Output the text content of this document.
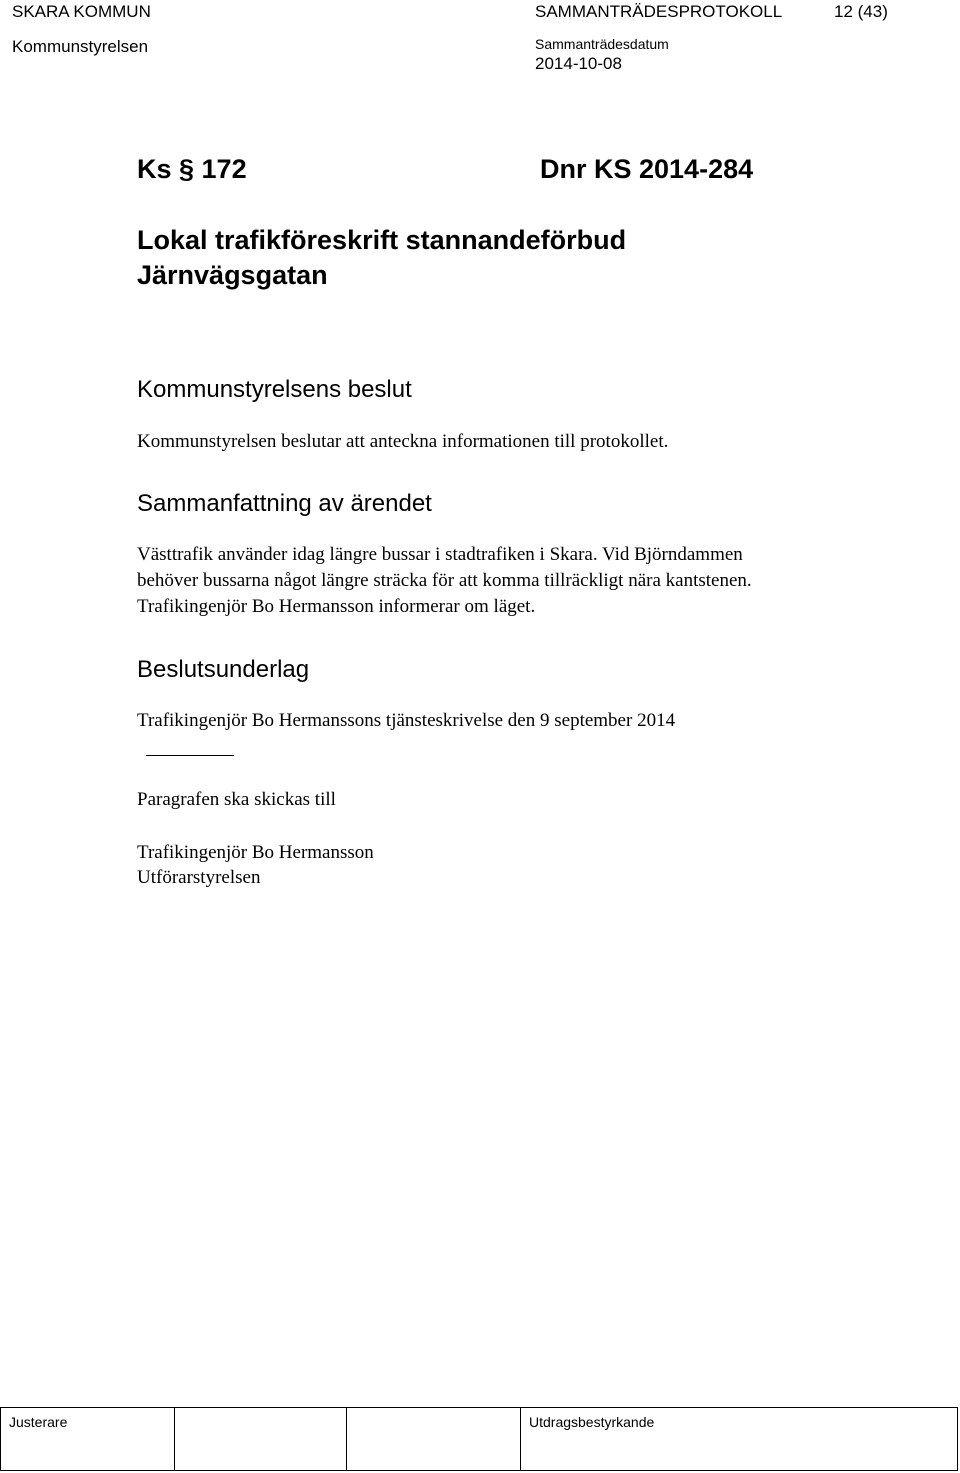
SKARA KOMMUN	SAMMANTRÄDESPROTOKOLL	12 (43)
Kommunstyrelsen	Sammanträdesdatum
2014-10-08
Ks § 172	Dnr KS 2014-284
Lokal trafikföreskrift stannandeförbud
Järnvägsgatan
Kommunstyrelsens beslut
Kommunstyrelsen beslutar att anteckna informationen till protokollet.
Sammanfattning av ärendet
Västtrafik använder idag längre bussar i stadtrafiken i Skara. Vid Björndammen
behöver bussarna något längre sträcka för att komma tillräckligt nära kantstenen.
Trafikingenjör Bo Hermansson informerar om läget.
Beslutsunderlag
Trafikingenjör Bo Hermanssons tjänsteskrivelse den 9 september 2014
Paragrafen ska skickas till
Trafikingenjör Bo Hermansson
Utförarstyrelsen
Justerare	Utdragsbestyrkande
